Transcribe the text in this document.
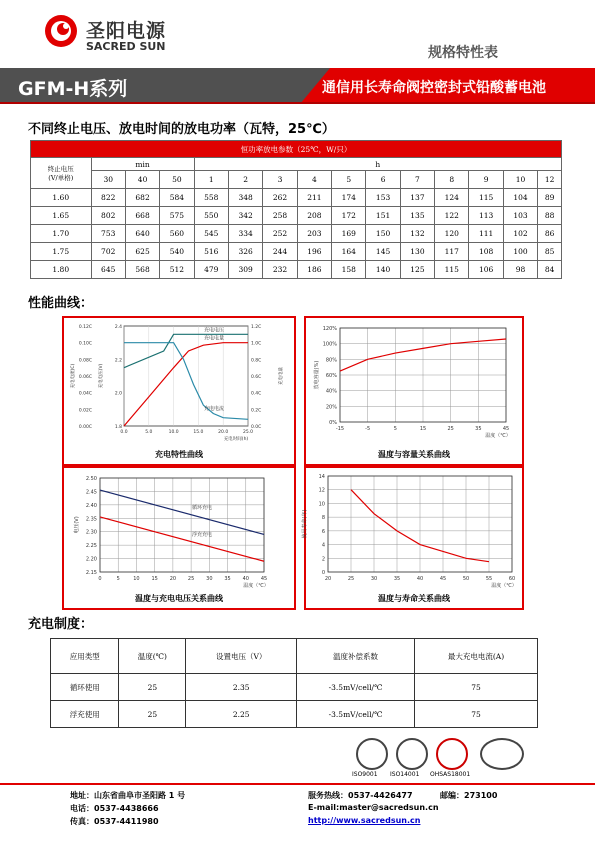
圣阳电源
SACRED SUN	规格特性表
GFM-H系列	通信用长寿命阀控密封式铅酸蓄电池
不同终止电压、放电时间的放电功率（瓦特，25℃）
恒功率放电参数（25℃，W/只）														

终止电压
(V/单格)	min			h										
	30	40	50	1	2	3	4	5	6	7	8	9	10	12
1.60	822	682	584	558	348	262	211	174	153	137	124	115	104	89
1.65	802	668	575	550	342	258	208	172	151	135	122	113	103	88
1.70	753	640	560	545	334	252	203	169	150	132	120	111	102	86
1.75	702	625	540	516	326	244	196	164	145	130	117	108	100	85
1.80	645	568	512	479	309	232	186	158	140	125	115	106	98	84
性能曲线：
0.0	5.0	10.0	15.0	20.0	25.0
0.00C
0.02C
0.04C
0.06C
0.08C
0.10C
0.12C
1.8
2.0
2.2
2.4
0.0C
0.2C
0.4C
0.6C
0.8C
1.0C
1.2C
充电电流(C)	充电电压(V)	充电电量
充电时间(h)
充电电压
充电电量
充电电流
充电特性曲线
-15	-5	5	15	25	35	45
0%
20%
40%
60%
80%
100%
120%
温度（℃）
放电容量(%)
温度与容量关系曲线
0	5	10 15 20 25 30 35 40 45
2.15
2.20
2.25
2.30
2.35
2.40
2.45
2.50
循环充电
浮充充电
温度（℃）
电压(V)
温度与充电电压关系曲线
20	25	30	35	40	45	50	55	60
0
2
4
6
8
10
12
14
温度（℃）
使用寿命(年)
温度与寿命关系曲线
充电制度：
应用类型	温度(℃)	设置电压（V）	温度补偿系数	最大充电电流(A)
循环使用	25	2.35	-3.5mV/cell/℃	75
浮充使用	25	2.25	-3.5mV/cell/℃	75
ISO9001 ISO14001 OHSAS18001
地址：山东省曲阜市圣阳路 1 号
电话：0537-4438666
传真：0537-4411980
服务热线：0537-4426477	邮编：273100
E-mail:master@sacredsun.cn
http://www.sacredsun.cn
